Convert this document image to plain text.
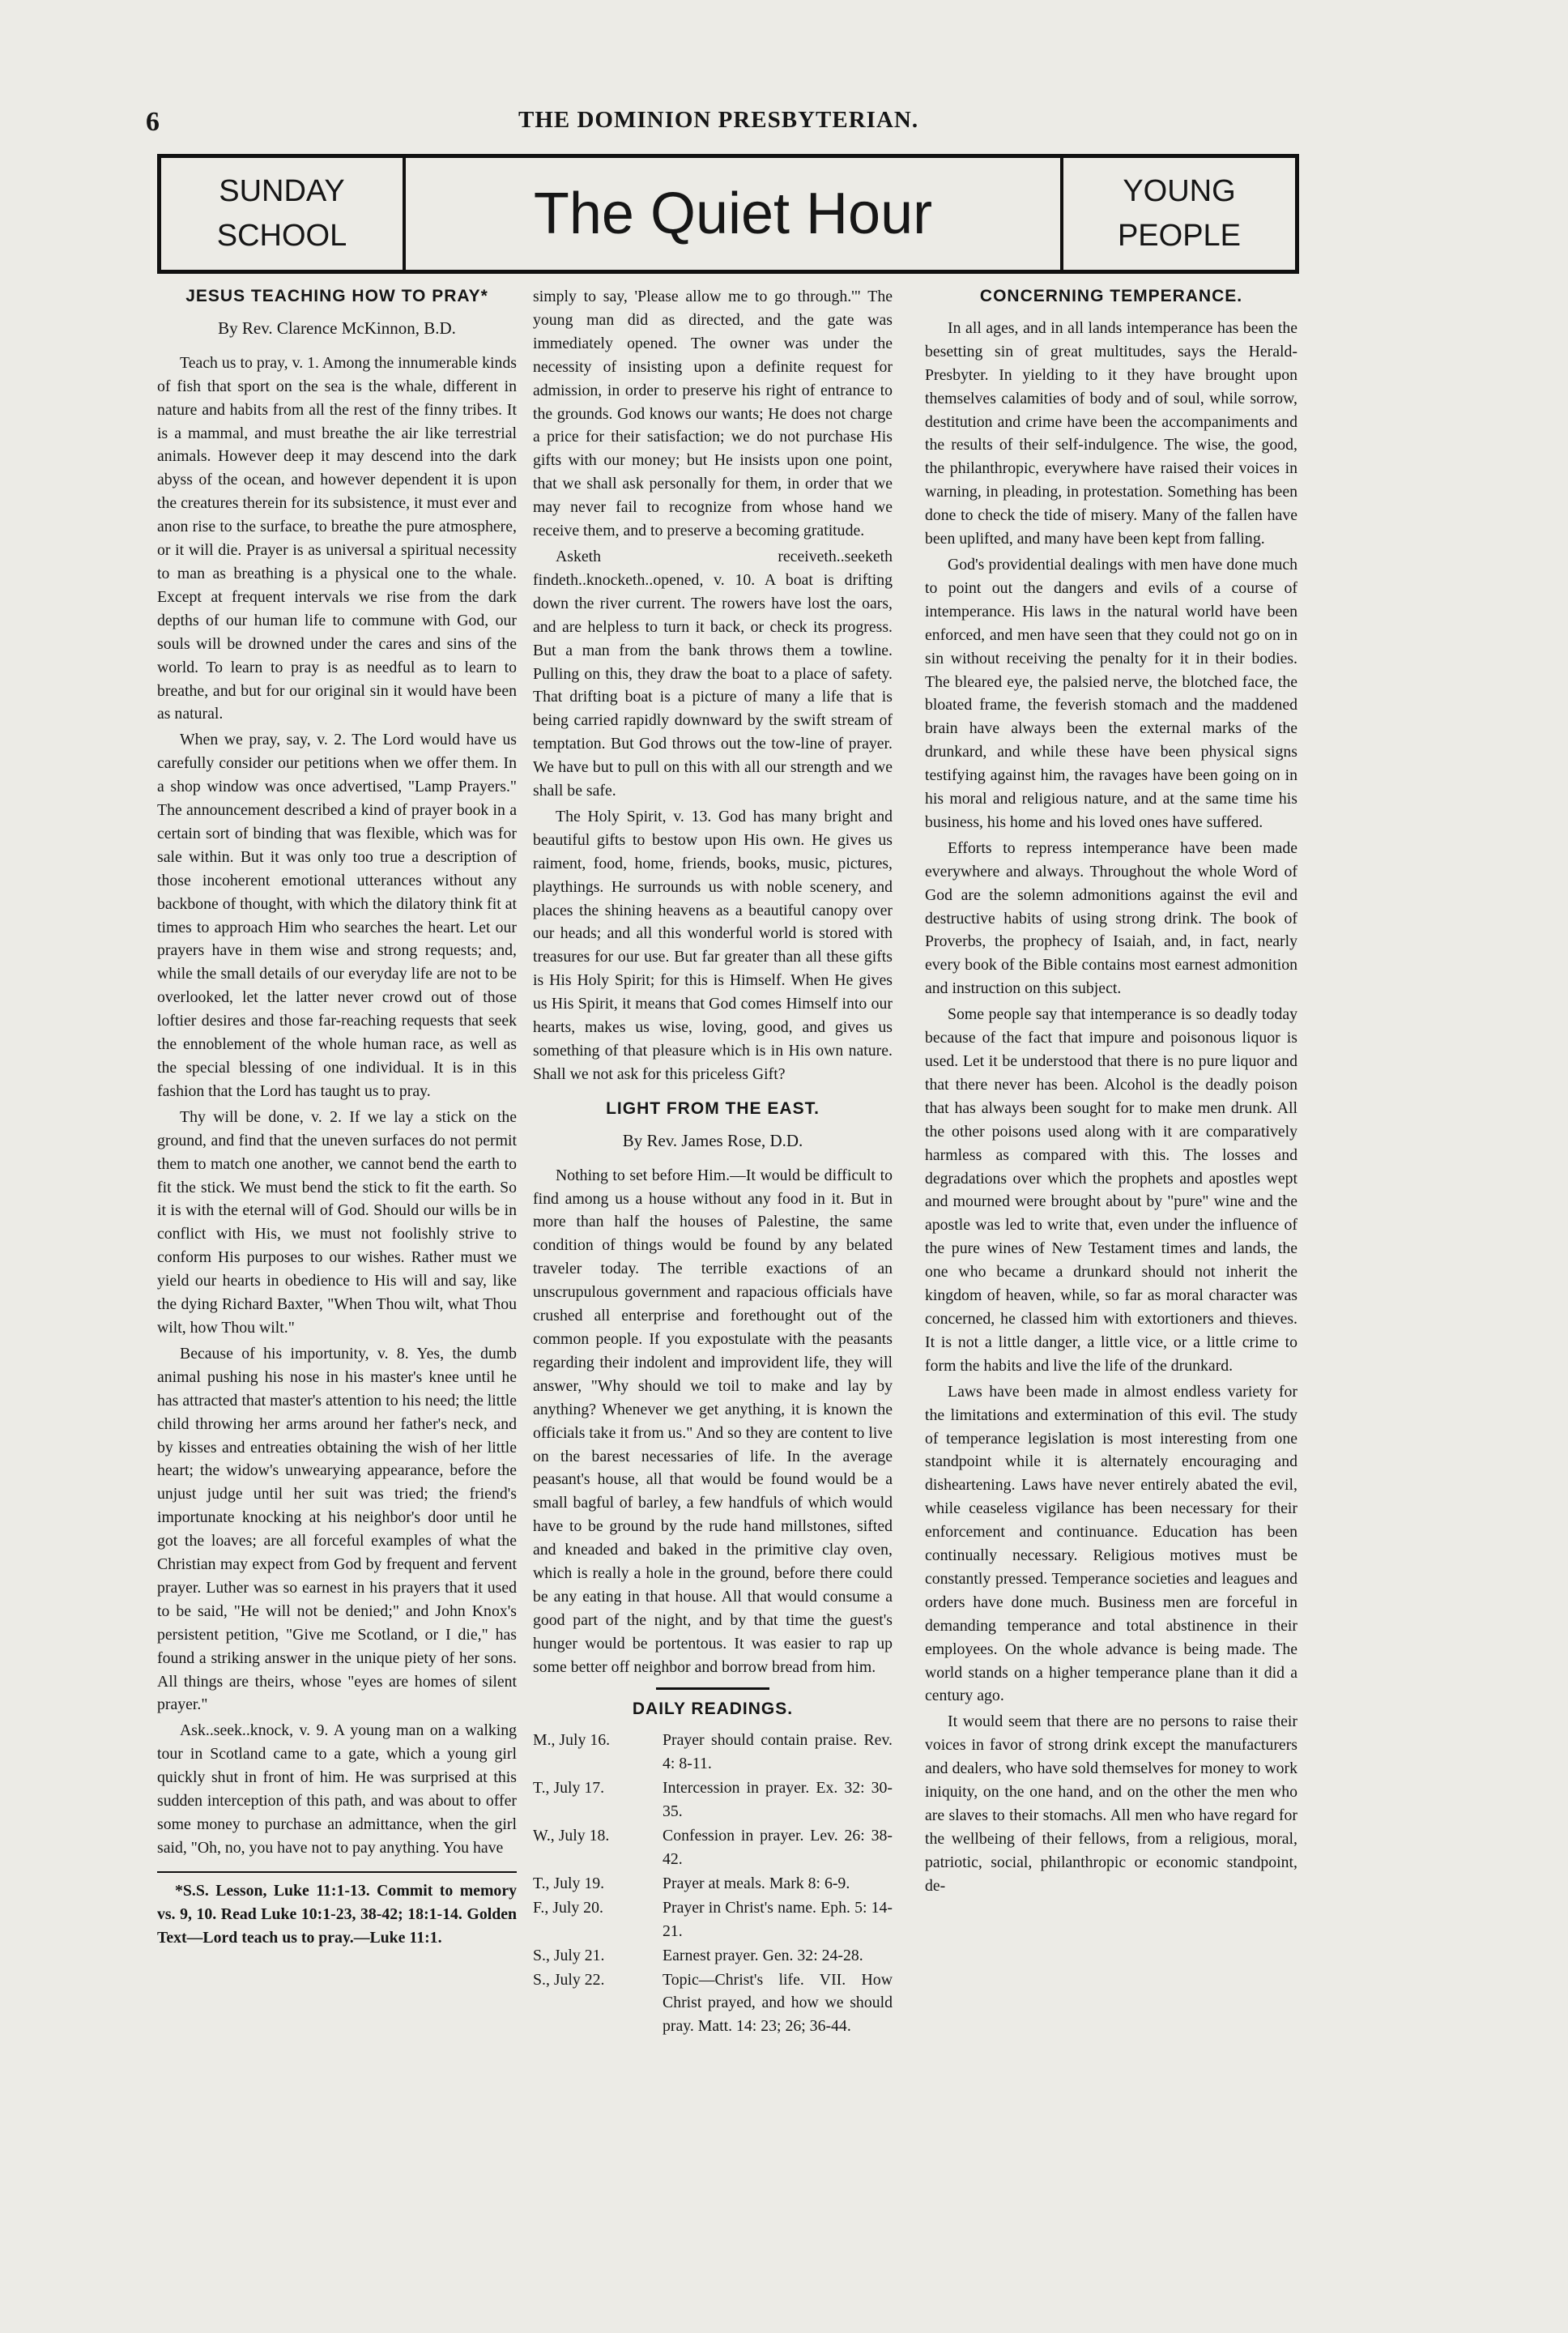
6	THE DOMINION PRESBYTERIAN.
SUNDAY
SCHOOL	The Quiet Hour	YOUNG
PEOPLE
JESUS TEACHING HOW TO PRAY*
By Rev. Clarence McKinnon, B.D.

Teach us to pray, v. 1. Among the innumerable kinds of fish that sport on the sea is the whale, different in nature and habits from all the rest of the finny tribes. It is a mammal, and must breathe the air like terrestrial animals. However deep it may descend into the dark abyss of the ocean, and however dependent it is upon the creatures therein for its subsistence, it must ever and anon rise to the surface, to breathe the pure atmosphere, or it will die. Prayer is as universal a spiritual necessity to man as breathing is a physical one to the whale. Except at frequent intervals we rise from the dark depths of our human life to commune with God, our souls will be drowned under the cares and sins of the world. To learn to pray is as needful as to learn to breathe, and but for our original sin it would have been as natural.

When we pray, say, v. 2. The Lord would have us carefully consider our petitions when we offer them. In a shop window was once advertised, "Lamp Prayers." The announcement described a kind of prayer book in a certain sort of binding that was flexible, which was for sale within. But it was only too true a description of those incoherent emotional utterances without any backbone of thought, with which the dilatory think fit at times to approach Him who searches the heart. Let our prayers have in them wise and strong requests; and, while the small details of our everyday life are not to be overlooked, let the latter never crowd out of those loftier desires and those far-reaching requests that seek the ennoblement of the whole human race, as well as the special blessing of one individual. It is in this fashion that the Lord has taught us to pray.

Thy will be done, v. 2. If we lay a stick on the ground, and find that the uneven surfaces do not permit them to match one another, we cannot bend the earth to fit the stick. We must bend the stick to fit the earth. So it is with the eternal will of God. Should our wills be in conflict with His, we must not foolishly strive to conform His purposes to our wishes. Rather must we yield our hearts in obedience to His will and say, like the dying Richard Baxter, "When Thou wilt, what Thou wilt, how Thou wilt."

Because of his importunity, v. 8. Yes, the dumb animal pushing his nose in his master's knee until he has attracted that master's attention to his need; the little child throwing her arms around her father's neck, and by kisses and entreaties obtaining the wish of her little heart; the widow's unwearying appearance, before the unjust judge until her suit was tried; the friend's importunate knocking at his neighbor's door until he got the loaves; are all forceful examples of what the Christian may expect from God by frequent and fervent prayer. Luther was so earnest in his prayers that it used to be said, "He will not be denied;" and John Knox's persistent petition, "Give me Scotland, or I die," has found a striking answer in the unique piety of her sons. All things are theirs, whose "eyes are homes of silent prayer."

Ask..seek..knock, v. 9. A young man on a walking tour in Scotland came to a gate, which a young girl quickly shut in front of him. He was surprised at this sudden interception of this path, and was about to offer some money to purchase an admittance, when the girl said, "Oh, no, you have not to pay anything. You have

*S.S. Lesson, Luke 11:1-13. Commit to memory vs. 9, 10. Read Luke 10:1-23, 38-42; 18:1-14. Golden Text—Lord teach us to pray.—Luke 11:1.

simply to say, 'Please allow me to go through.'" The young man did as directed, and the gate was immediately opened. The owner was under the necessity of insisting upon a definite request for admission, in order to preserve his right of entrance to the grounds. God knows our wants; He does not charge a price for their satisfaction; we do not purchase His gifts with our money; but He insists upon one point, that we shall ask personally for them, in order that we may never fail to recognize from whose hand we receive them, and to preserve a becoming gratitude.

Asketh receiveth..seeketh findeth..knocketh..opened, v. 10. A boat is drifting down the river current. The rowers have lost the oars, and are helpless to turn it back, or check its progress. But a man from the bank throws them a towline. Pulling on this, they draw the boat to a place of safety. That drifting boat is a picture of many a life that is being carried rapidly downward by the swift stream of temptation. But God throws out the tow-line of prayer. We have but to pull on this with all our strength and we shall be safe.

The Holy Spirit, v. 13. God has many bright and beautiful gifts to bestow upon His own. He gives us raiment, food, home, friends, books, music, pictures, playthings. He surrounds us with noble scenery, and places the shining heavens as a beautiful canopy over our heads; and all this wonderful world is stored with treasures for our use. But far greater than all these gifts is His Holy Spirit; for this is Himself. When He gives us His Spirit, it means that God comes Himself into our hearts, makes us wise, loving, good, and gives us something of that pleasure which is in His own nature. Shall we not ask for this priceless Gift?

LIGHT FROM THE EAST.
By Rev. James Rose, D.D.

Nothing to set before Him.—It would be difficult to find among us a house without any food in it. But in more than half the houses of Palestine, the same condition of things would be found by any belated traveler today. The terrible exactions of an unscrupulous government and rapacious officials have crushed all enterprise and forethought out of the common people. If you expostulate with the peasants regarding their indolent and improvident life, they will answer, "Why should we toil to make and lay by anything? Whenever we get anything, it is known the officials take it from us." And so they are content to live on the barest necessaries of life. In the average peasant's house, all that would be found would be a small bagful of barley, a few handfuls of which would have to be ground by the rude hand millstones, sifted and kneaded and baked in the primitive clay oven, which is really a hole in the ground, before there could be any eating in that house. All that would consume a good part of the night, and by that time the guest's hunger would be portentous. It was easier to rap up some better off neighbor and borrow bread from him.

DAILY READINGS.
M., July 16.	Prayer should contain praise. Rev. 4: 8-11.
T., July 17.	Intercession in prayer. Ex. 32: 30-35.
W., July 18.	Confession in prayer. Lev. 26: 38-42.
T., July 19.	Prayer at meals. Mark 8: 6-9.
F., July 20.	Prayer in Christ's name. Eph. 5: 14-21.
S., July 21.	Earnest prayer. Gen. 32: 24-28.
S., July 22.	Topic—Christ's life. VII. How Christ prayed, and how we should pray. Matt. 14: 23; 26; 36-44.
CONCERNING TEMPERANCE.

In all ages, and in all lands intemperance has been the besetting sin of great multitudes, says the Herald-Presbyter. In yielding to it they have brought upon themselves calamities of body and of soul, while sorrow, destitution and crime have been the accompaniments and the results of their self-indulgence. The wise, the good, the philanthropic, everywhere have raised their voices in warning, in pleading, in protestation. Something has been done to check the tide of misery. Many of the fallen have been uplifted, and many have been kept from falling.

God's providential dealings with men have done much to point out the dangers and evils of a course of intemperance. His laws in the natural world have been enforced, and men have seen that they could not go on in sin without receiving the penalty for it in their bodies. The bleared eye, the palsied nerve, the blotched face, the bloated frame, the feverish stomach and the maddened brain have always been the external marks of the drunkard, and while these have been physical signs testifying against him, the ravages have been going on in his moral and religious nature, and at the same time his business, his home and his loved ones have suffered.

Efforts to repress intemperance have been made everywhere and always. Throughout the whole Word of God are the solemn admonitions against the evil and destructive habits of using strong drink. The book of Proverbs, the prophecy of Isaiah, and, in fact, nearly every book of the Bible contains most earnest admonition and instruction on this subject.

Some people say that intemperance is so deadly today because of the fact that impure and poisonous liquor is used. Let it be understood that there is no pure liquor and that there never has been. Alcohol is the deadly poison that has always been sought for to make men drunk. All the other poisons used along with it are comparatively harmless as compared with this. The losses and degradations over which the prophets and apostles wept and mourned were brought about by "pure" wine and the apostle was led to write that, even under the influence of the pure wines of New Testament times and lands, the one who became a drunkard should not inherit the kingdom of heaven, while, so far as moral character was concerned, he classed him with extortioners and thieves. It is not a little danger, a little vice, or a little crime to form the habits and live the life of the drunkard.

Laws have been made in almost endless variety for the limitations and extermination of this evil. The study of temperance legislation is most interesting from one standpoint while it is alternately encouraging and disheartening. Laws have never entirely abated the evil, while ceaseless vigilance has been necessary for their enforcement and continuance. Education has been continually necessary. Religious motives must be constantly pressed. Temperance societies and leagues and orders have done much. Business men are forceful in demanding temperance and total abstinence in their employees. On the whole advance is being made. The world stands on a higher temperance plane than it did a century ago.

It would seem that there are no persons to raise their voices in favor of strong drink except the manufacturers and dealers, who have sold themselves for money to work iniquity, on the one hand, and on the other the men who are slaves to their stomachs. All men who have regard for the wellbeing of their fellows, from a religious, moral, patriotic, social, philanthropic or economic standpoint, de-
